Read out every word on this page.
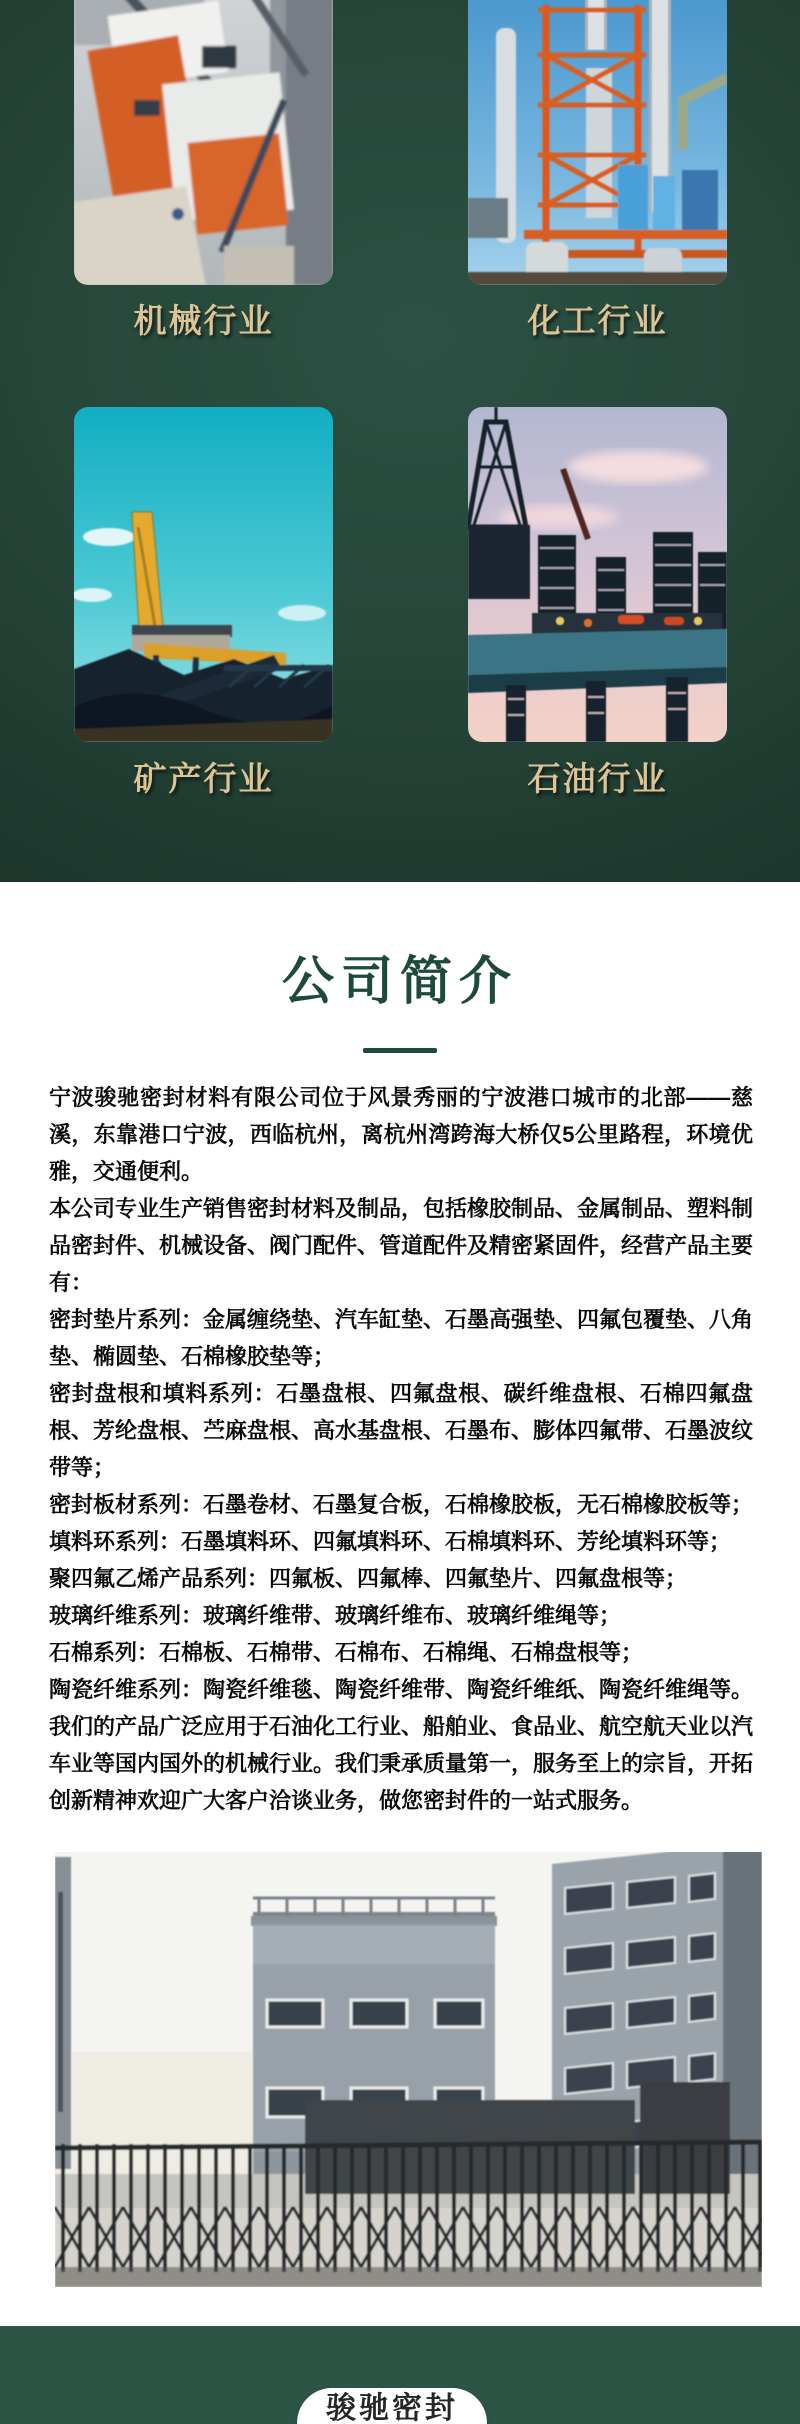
机械行业	化工行业
矿产行业	石油行业
公司简介

宁波骏驰密封材料有限公司位于风景秀丽的宁波港口城市的北部——慈溪，东靠港口宁波，西临杭州，离杭州湾跨海大桥仅5公里路程，环境优雅，交通便利。

本公司专业生产销售密封材料及制品，包括橡胶制品、金属制品、塑料制品密封件、机械设备、阀门配件、管道配件及精密紧固件，经营产品主要有：

密封垫片系列：金属缠绕垫、汽车缸垫、石墨高强垫、四氟包覆垫、八角垫、椭圆垫、石棉橡胶垫等；

密封盘根和填料系列：石墨盘根、四氟盘根、碳纤维盘根、石棉四氟盘根、芳纶盘根、苎麻盘根、高水基盘根、石墨布、膨体四氟带、石墨波纹带等；

密封板材系列：石墨卷材、石墨复合板，石棉橡胶板，无石棉橡胶板等；

填料环系列：石墨填料环、四氟填料环、石棉填料环、芳纶填料环等；

聚四氟乙烯产品系列：四氟板、四氟棒、四氟垫片、四氟盘根等；

玻璃纤维系列：玻璃纤维带、玻璃纤维布、玻璃纤维绳等；

石棉系列：石棉板、石棉带、石棉布、石棉绳、石棉盘根等；

陶瓷纤维系列：陶瓷纤维毯、陶瓷纤维带、陶瓷纤维纸、陶瓷纤维绳等。

我们的产品广泛应用于石油化工行业、船舶业、食品业、航空航天业以汽车业等国内国外的机械行业。我们秉承质量第一，服务至上的宗旨，开拓创新精神欢迎广大客户洽谈业务，做您密封件的一站式服务。

骏驰密封
